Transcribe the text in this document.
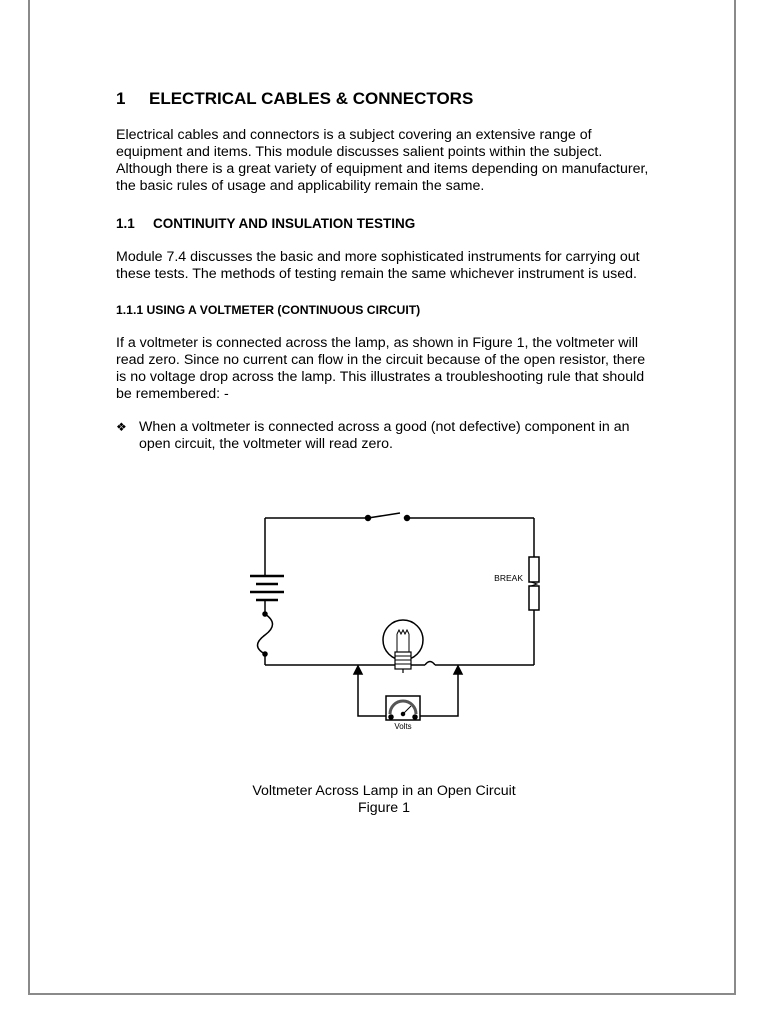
1 ELECTRICAL CABLES & CONNECTORS

Electrical cables and connectors is a subject covering an extensive range of equipment and items. This module discusses salient points within the subject. Although there is a great variety of equipment and items depending on manufacturer, the basic rules of usage and applicability remain the same.

1.1 CONTINUITY AND INSULATION TESTING

Module 7.4 discusses the basic and more sophisticated instruments for carrying out these tests. The methods of testing remain the same whichever instrument is used.

1.1.1 USING A VOLTMETER (CONTINUOUS CIRCUIT)

If a voltmeter is connected across the lamp, as shown in Figure 1, the voltmeter will read zero. Since no current can flow in the circuit because of the open resistor, there is no voltage drop across the lamp. This illustrates a troubleshooting rule that should be remembered: -

❖ When a voltmeter is connected across a good (not defective) component in an open circuit, the voltmeter will read zero.
BREAK
Volts
Voltmeter Across Lamp in an Open Circuit
Figure 1
